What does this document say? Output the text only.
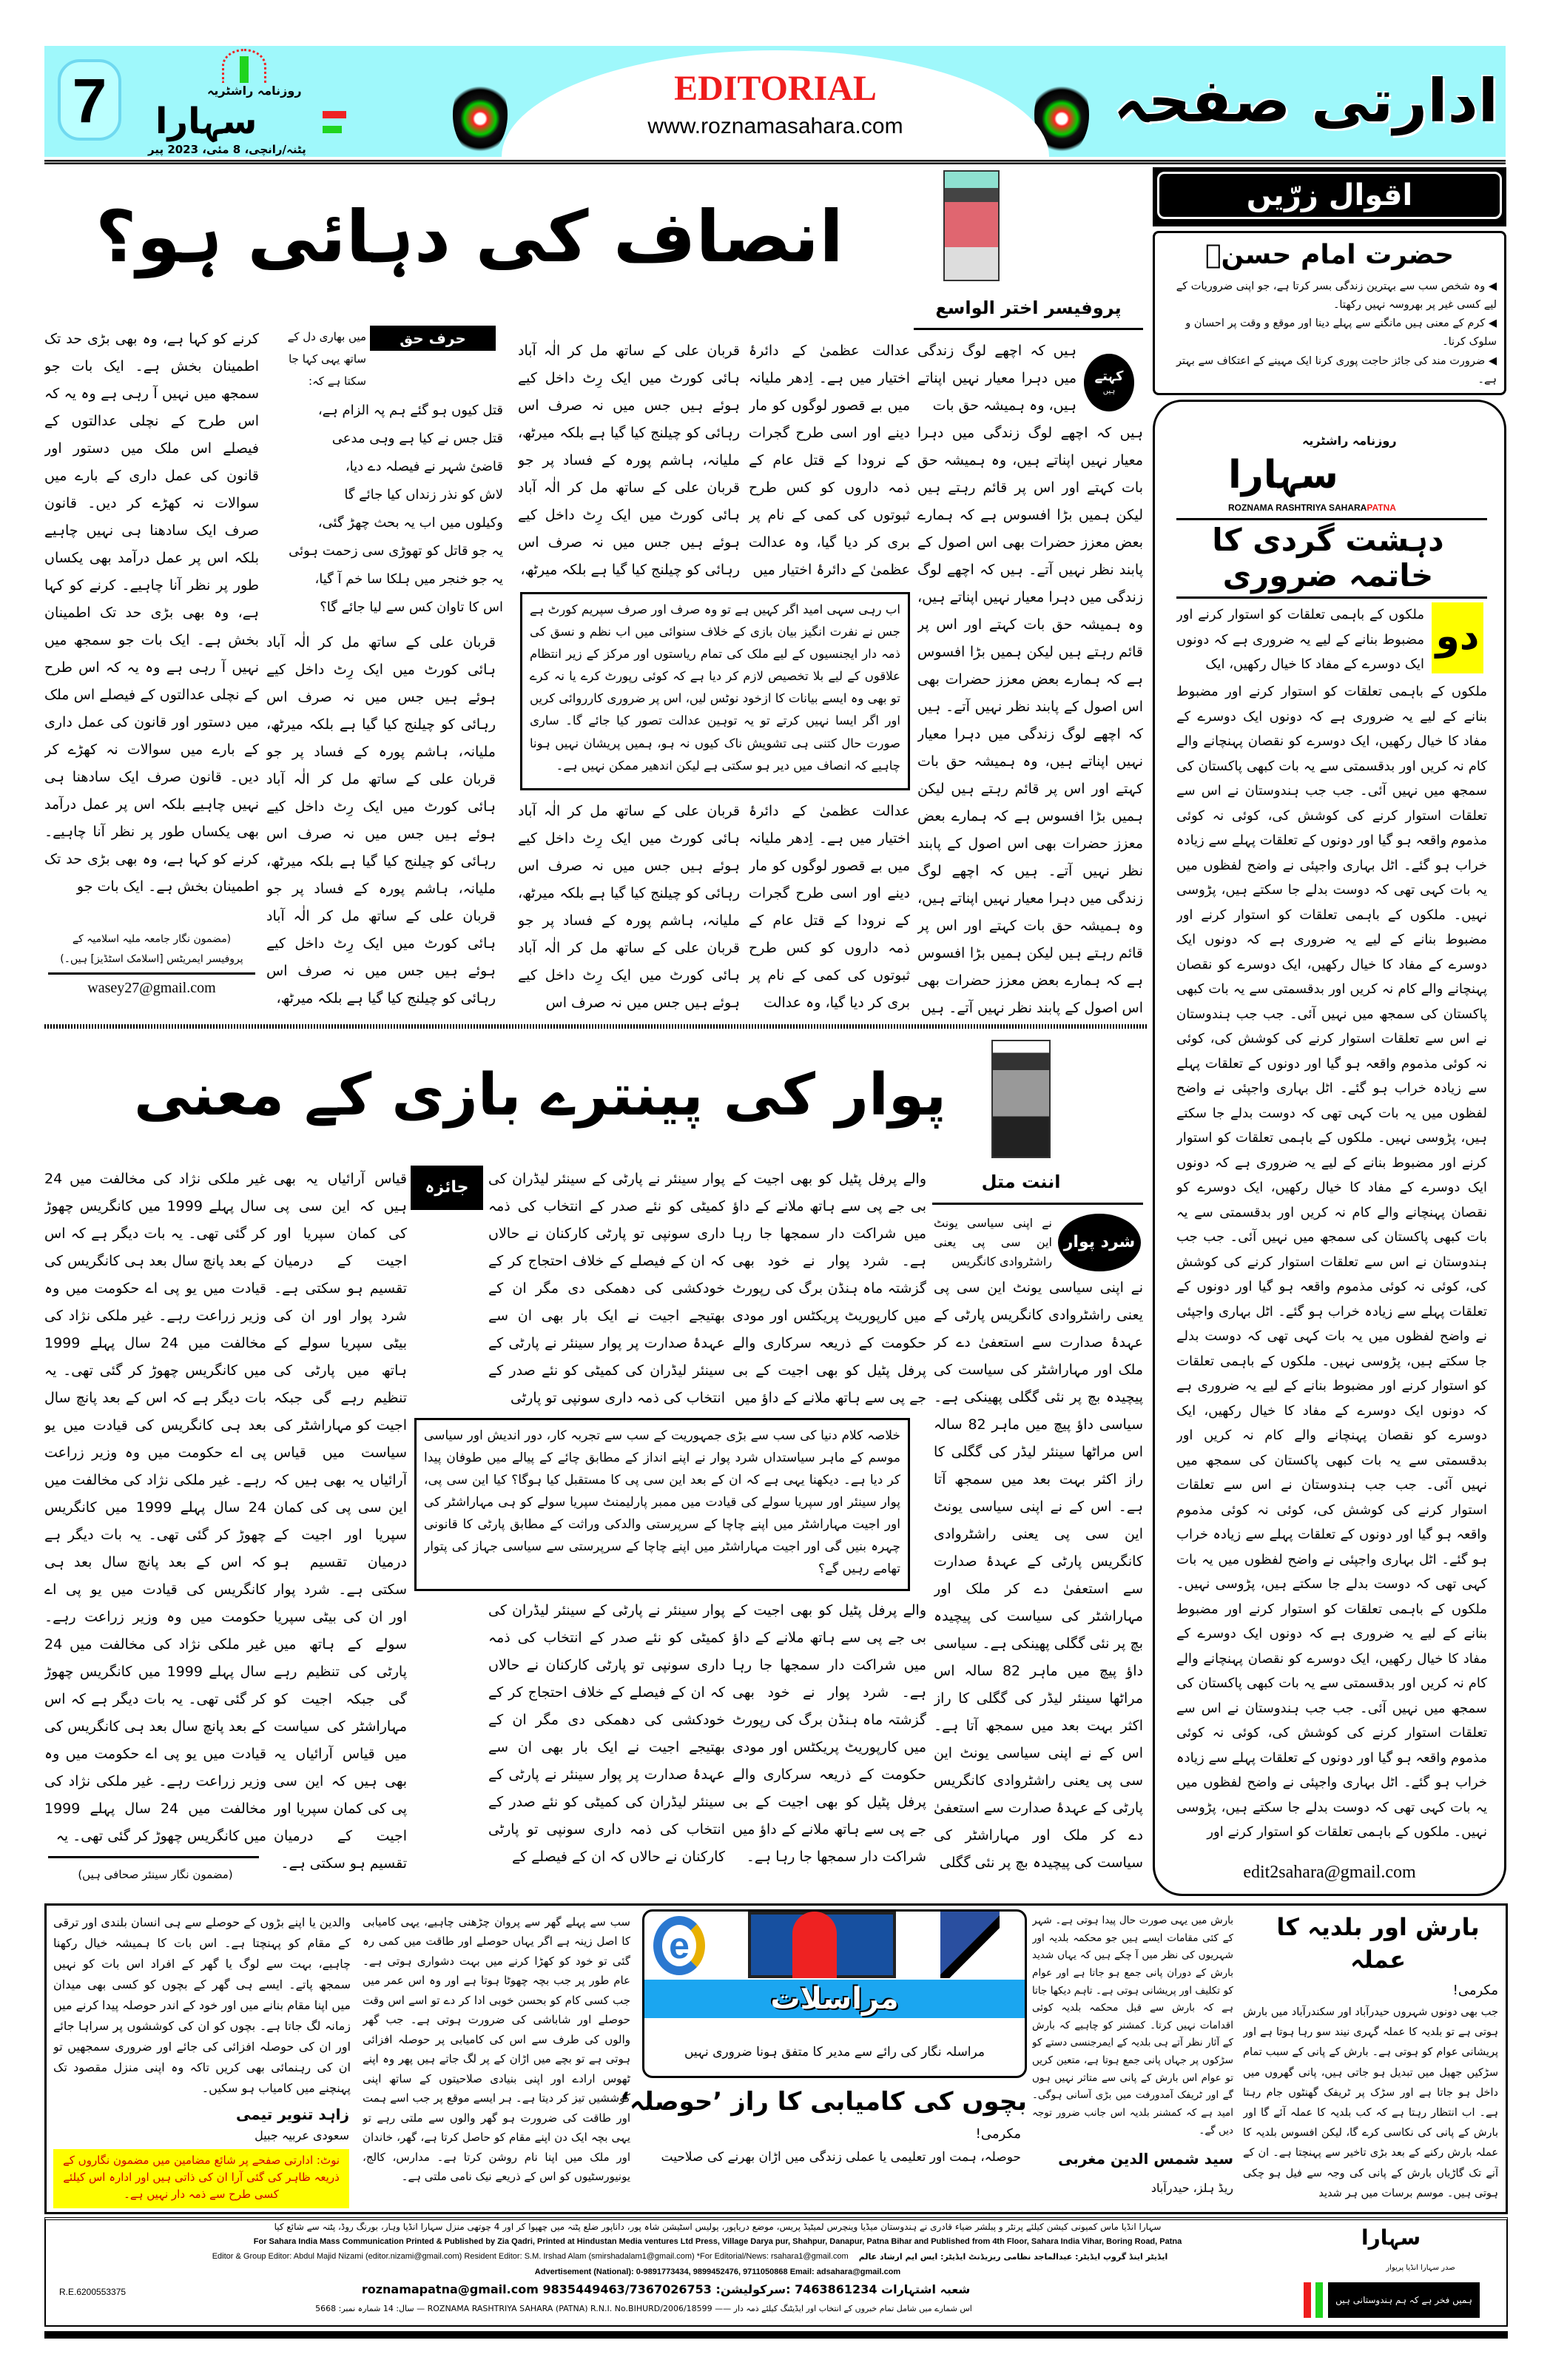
7	روزنامہ راشٹریہ
سہارا
پٹنہ/رانچی، 8 مئی، 2023 پیر
EDITORIAL
www.roznamasahara.com	ادارتی صفحہ
اقوال زرّیں
حضرت امام حسنؓ
◀ وہ شخص سب سے بہترین زندگی بسر کرتا ہے، جو اپنی ضروریات کے لیے کسی غیر پر بھروسہ نہیں رکھتا۔
◀ کرم کے معنی ہیں مانگنے سے پہلے دینا اور موقع و وقت پر احسان و سلوک کرنا۔
◀ ضرورت مند کی جائز حاجت پوری کرنا ایک مہینے کے اعتکاف سے بہتر ہے۔
روزنامہ راشٹریہ
سہارا
ROZNAMA RASHTRIYA SAHARAPATNA
دہشت گردی کا خاتمہ ضروری
دو
ملکوں کے باہمی تعلقات کو استوار کرنے اور مضبوط بنانے کے لیے یہ ضروری ہے کہ دونوں ایک دوسرے کے مفاد کا خیال رکھیں، ایک
ملکوں کے باہمی تعلقات کو استوار کرنے اور مضبوط بنانے کے لیے یہ ضروری ہے کہ دونوں ایک دوسرے کے مفاد کا خیال رکھیں، ایک دوسرے کو نقصان پہنچانے والے کام نہ کریں اور بدقسمتی سے یہ بات کبھی پاکستان کی سمجھ میں نہیں آئی۔ جب جب ہندوستان نے اس سے تعلقات استوار کرنے کی کوشش کی، کوئی نہ کوئی مذموم واقعہ ہو گیا اور دونوں کے تعلقات پہلے سے زیادہ خراب ہو گئے۔ اٹل بہاری واجپئی نے واضح لفظوں میں یہ بات کہی تھی کہ دوست بدلے جا سکتے ہیں، پڑوسی نہیں۔ ملکوں کے باہمی تعلقات کو استوار کرنے اور مضبوط بنانے کے لیے یہ ضروری ہے کہ دونوں ایک دوسرے کے مفاد کا خیال رکھیں، ایک دوسرے کو نقصان پہنچانے والے کام نہ کریں اور بدقسمتی سے یہ بات کبھی پاکستان کی سمجھ میں نہیں آئی۔ جب جب ہندوستان نے اس سے تعلقات استوار کرنے کی کوشش کی، کوئی نہ کوئی مذموم واقعہ ہو گیا اور دونوں کے تعلقات پہلے سے زیادہ خراب ہو گئے۔ اٹل بہاری واجپئی نے واضح لفظوں میں یہ بات کہی تھی کہ دوست بدلے جا سکتے ہیں، پڑوسی نہیں۔ ملکوں کے باہمی تعلقات کو استوار کرنے اور مضبوط بنانے کے لیے یہ ضروری ہے کہ دونوں ایک دوسرے کے مفاد کا خیال رکھیں، ایک دوسرے کو نقصان پہنچانے والے کام نہ کریں اور بدقسمتی سے یہ بات کبھی پاکستان کی سمجھ میں نہیں آئی۔ جب جب ہندوستان نے اس سے تعلقات استوار کرنے کی کوشش کی، کوئی نہ کوئی مذموم واقعہ ہو گیا اور دونوں کے تعلقات پہلے سے زیادہ خراب ہو گئے۔ اٹل بہاری واجپئی نے واضح لفظوں میں یہ بات کہی تھی کہ دوست بدلے جا سکتے ہیں، پڑوسی نہیں۔ ملکوں کے باہمی تعلقات کو استوار کرنے اور مضبوط بنانے کے لیے یہ ضروری ہے کہ دونوں ایک دوسرے کے مفاد کا خیال رکھیں، ایک دوسرے کو نقصان پہنچانے والے کام نہ کریں اور بدقسمتی سے یہ بات کبھی پاکستان کی سمجھ میں نہیں آئی۔ جب جب ہندوستان نے اس سے تعلقات استوار کرنے کی کوشش کی، کوئی نہ کوئی مذموم واقعہ ہو گیا اور دونوں کے تعلقات پہلے سے زیادہ خراب ہو گئے۔ اٹل بہاری واجپئی نے واضح لفظوں میں یہ بات کہی تھی کہ دوست بدلے جا سکتے ہیں، پڑوسی نہیں۔ ملکوں کے باہمی تعلقات کو استوار کرنے اور مضبوط بنانے کے لیے یہ ضروری ہے کہ دونوں ایک دوسرے کے مفاد کا خیال رکھیں، ایک دوسرے کو نقصان پہنچانے والے کام نہ کریں اور بدقسمتی سے یہ بات کبھی پاکستان کی سمجھ میں نہیں آئی۔ جب جب ہندوستان نے اس سے تعلقات استوار کرنے کی کوشش کی، کوئی نہ کوئی مذموم واقعہ ہو گیا اور دونوں کے تعلقات پہلے سے زیادہ خراب ہو گئے۔ اٹل بہاری واجپئی نے واضح لفظوں میں یہ بات کہی تھی کہ دوست بدلے جا سکتے ہیں، پڑوسی نہیں۔ ملکوں کے باہمی تعلقات کو استوار کرنے اور
edit2sahara@gmail.com
انصاف کی دہائی ہو؟
پروفیسر اختر الواسع
کہتے
ہیں
ہیں کہ اچھے لوگ زندگی میں دہرا معیار نہیں اپناتے ہیں، وہ ہمیشہ حق بات
ہیں کہ اچھے لوگ زندگی میں دہرا معیار نہیں اپناتے ہیں، وہ ہمیشہ حق بات کہتے اور اس پر قائم رہتے ہیں لیکن ہمیں بڑا افسوس ہے کہ ہمارے بعض معزز حضرات بھی اس اصول کے پابند نظر نہیں آتے۔ ہیں کہ اچھے لوگ زندگی میں دہرا معیار نہیں اپناتے ہیں، وہ ہمیشہ حق بات کہتے اور اس پر قائم رہتے ہیں لیکن ہمیں بڑا افسوس ہے کہ ہمارے بعض معزز حضرات بھی اس اصول کے پابند نظر نہیں آتے۔ ہیں کہ اچھے لوگ زندگی میں دہرا معیار نہیں اپناتے ہیں، وہ ہمیشہ حق بات کہتے اور اس پر قائم رہتے ہیں لیکن ہمیں بڑا افسوس ہے کہ ہمارے بعض معزز حضرات بھی اس اصول کے پابند نظر نہیں آتے۔ ہیں کہ اچھے لوگ زندگی میں دہرا معیار نہیں اپناتے ہیں، وہ ہمیشہ حق بات کہتے اور اس پر قائم رہتے ہیں لیکن ہمیں بڑا افسوس ہے کہ ہمارے بعض معزز حضرات بھی اس اصول کے پابند نظر نہیں آتے۔ ہیں
عدالت عظمیٰ کے دائرۂ اختیار میں ہے۔ اِدھر ملیانہ میں بے قصور لوگوں کو مار دینے اور اسی طرح گجرات کے نرودا کے قتل عام کے ذمہ داروں کو کس طرح ثبوتوں کی کمی کے نام پر بری کر دیا گیا، وہ عدالت عظمیٰ کے دائرۂ اختیار میں
عدالت عظمیٰ کے دائرۂ اختیار میں ہے۔ اِدھر ملیانہ میں بے قصور لوگوں کو مار دینے اور اسی طرح گجرات کے نرودا کے قتل عام کے ذمہ داروں کو کس طرح ثبوتوں کی کمی کے نام پر بری کر دیا گیا، وہ عدالت
اب رہی سہی امید اگر کہیں ہے تو وہ صرف اور صرف سپریم کورٹ ہے جس نے نفرت انگیز بیان بازی کے خلاف سنوائی میں اب نظم و نسق کی ذمہ دار ایجنسیوں کے لیے ملک کی تمام ریاستوں اور مرکز کے زیر انتظام علاقوں کے لیے بلا تخصیص لازم کر دیا ہے کہ کوئی رپورٹ کرے یا نہ کرے تو بھی وہ ایسے بیانات کا ازخود نوٹس لیں، اس پر ضروری کارروائی کریں اور اگر ایسا نہیں کرتے تو یہ توہین عدالت تصور کیا جائے گا۔ ساری صورت حال کتنی ہی تشویش ناک کیوں نہ ہو، ہمیں پریشان نہیں ہونا چاہیے کہ انصاف میں دیر ہو سکتی ہے لیکن اندھیر ممکن نہیں ہے۔
قربان علی کے ساتھ مل کر الٰہ آباد ہائی کورٹ میں ایک رِٹ داخل کیے ہوئے ہیں جس میں نہ صرف اس رہائی کو چیلنج کیا گیا ہے بلکہ میرٹھ، ملیانہ، ہاشم پورہ کے فساد پر جو قربان علی کے ساتھ مل کر الٰہ آباد ہائی کورٹ میں ایک رِٹ داخل کیے ہوئے ہیں جس میں نہ صرف اس رہائی کو چیلنج کیا گیا ہے بلکہ میرٹھ،
قربان علی کے ساتھ مل کر الٰہ آباد ہائی کورٹ میں ایک رِٹ داخل کیے ہوئے ہیں جس میں نہ صرف اس رہائی کو چیلنج کیا گیا ہے بلکہ میرٹھ، ملیانہ، ہاشم پورہ کے فساد پر جو قربان علی کے ساتھ مل کر الٰہ آباد ہائی کورٹ میں ایک رِٹ داخل کیے ہوئے ہیں جس میں نہ صرف اس
حرف حق
میں بھاری دل کے ساتھ یہی کہا جا سکتا ہے کہ:
قتل کیوں ہو گئے ہم پہ الزام ہے،
قتل جس نے کیا ہے وہی مدعی
قاضیٔ شہر نے فیصلہ دے دیا،
لاش کو نذر زنداں کیا جائے گا
وکیلوں میں اب یہ بحث چھڑ گئی،
یہ جو قاتل کو تھوڑی سی زحمت ہوئی
یہ جو خنجر میں ہلکا سا خم آ گیا،
اس کا تاوان کس سے لیا جائے گا؟
قربان علی کے ساتھ مل کر الٰہ آباد ہائی کورٹ میں ایک رِٹ داخل کیے ہوئے ہیں جس میں نہ صرف اس رہائی کو چیلنج کیا گیا ہے بلکہ میرٹھ، ملیانہ، ہاشم پورہ کے فساد پر جو قربان علی کے ساتھ مل کر الٰہ آباد ہائی کورٹ میں ایک رِٹ داخل کیے ہوئے ہیں جس میں نہ صرف اس رہائی کو چیلنج کیا گیا ہے بلکہ میرٹھ، ملیانہ، ہاشم پورہ کے فساد پر جو قربان علی کے ساتھ مل کر الٰہ آباد ہائی کورٹ میں ایک رِٹ داخل کیے ہوئے ہیں جس میں نہ صرف اس رہائی کو چیلنج کیا گیا ہے بلکہ میرٹھ،
کرنے کو کہا ہے، وہ بھی بڑی حد تک اطمینان بخش ہے۔ ایک بات جو سمجھ میں نہیں آ رہی ہے وہ یہ کہ اس طرح کے نچلی عدالتوں کے فیصلے اس ملک میں دستور اور قانون کی عمل داری کے بارے میں سوالات نہ کھڑے کر دیں۔ قانون صرف ایک سادھنا ہی نہیں چاہیے بلکہ اس پر عمل درآمد بھی یکساں طور پر نظر آنا چاہیے۔ کرنے کو کہا ہے، وہ بھی بڑی حد تک اطمینان بخش ہے۔ ایک بات جو سمجھ میں نہیں آ رہی ہے وہ یہ کہ اس طرح کے نچلی عدالتوں کے فیصلے اس ملک میں دستور اور قانون کی عمل داری کے بارے میں سوالات نہ کھڑے کر دیں۔ قانون صرف ایک سادھنا ہی نہیں چاہیے بلکہ اس پر عمل درآمد بھی یکساں طور پر نظر آنا چاہیے۔ کرنے کو کہا ہے، وہ بھی بڑی حد تک اطمینان بخش ہے۔ ایک بات جو
(مضمون نگار جامعہ ملیہ اسلامیہ کے
پروفیسر ایمریٹس [اسلامک اسٹڈیز] ہیں۔)
wasey27@gmail.com
پوار کی پینترے بازی کے معنی
اننت متل
شرد پوار
نے اپنی سیاسی یونٹ این سی پی یعنی راشٹروادی کانگریس
نے اپنی سیاسی یونٹ این سی پی یعنی راشٹروادی کانگریس پارٹی کے عہدۂ صدارت سے استعفیٰ دے کر ملک اور مہاراشٹر کی سیاست کی پیچیدہ بچ پر نئی گگلی پھینکی ہے۔ سیاسی داؤ پیچ میں ماہر 82 سالہ اس مراٹھا سینئر لیڈر کی گگلی کا راز اکثر بہت بعد میں سمجھ آتا ہے۔ اس کے نے اپنی سیاسی یونٹ این سی پی یعنی راشٹروادی کانگریس پارٹی کے عہدۂ صدارت سے استعفیٰ دے کر ملک اور مہاراشٹر کی سیاست کی پیچیدہ بچ پر نئی گگلی پھینکی ہے۔ سیاسی داؤ پیچ میں ماہر 82 سالہ اس مراٹھا سینئر لیڈر کی گگلی کا راز اکثر بہت بعد میں سمجھ آتا ہے۔ اس کے نے اپنی سیاسی یونٹ این سی پی یعنی راشٹروادی کانگریس پارٹی کے عہدۂ صدارت سے استعفیٰ دے کر ملک اور مہاراشٹر کی سیاست کی پیچیدہ بچ پر نئی گگلی
والے پرفل پٹیل کو بھی اجیت کے بی جے پی سے ہاتھ ملانے کے داؤ میں شراکت دار سمجھا جا رہا ہے۔ شرد پوار نے خود بھی گزشتہ ماہ ہنڈن برگ کی رپورٹ میں کارپوریٹ پریکٹس اور مودی حکومت کے ذریعہ سرکاری والے پرفل پٹیل کو بھی اجیت کے بی جے پی سے ہاتھ ملانے کے داؤ میں
والے پرفل پٹیل کو بھی اجیت کے بی جے پی سے ہاتھ ملانے کے داؤ میں شراکت دار سمجھا جا رہا ہے۔ شرد پوار نے خود بھی گزشتہ ماہ ہنڈن برگ کی رپورٹ میں کارپوریٹ پریکٹس اور مودی حکومت کے ذریعہ سرکاری والے پرفل پٹیل کو بھی اجیت کے بی جے پی سے ہاتھ ملانے کے داؤ میں شراکت دار سمجھا جا رہا ہے۔
خلاصہ کلام دنیا کی سب سے بڑی جمہوریت کے سب سے تجربہ کار، دور اندیش اور سیاسی موسم کے ماہر سیاستداں شرد پوار نے اپنے انداز کے مطابق چائے کے پیالے میں طوفان پیدا کر دیا ہے۔ دیکھنا یہی ہے کہ ان کے بعد این سی پی کا مستقبل کیا ہوگا؟ کیا این سی پی، پوار سینئر اور سپریا سولے کی قیادت میں ممبر پارلیمنٹ سپریا سولے کو ہی مہاراشٹر کی اور اجیت مہاراشٹر میں اپنے چاچا کے سرپرستی والدکی وراثت کے مطابق پارٹی کا قانونی چہرہ بنیں گی اور اجیت مہاراشٹر میں اپنے چاچا کے سرپرستی سے سیاسی جہاز کی پتوار تھامے رہیں گے؟
پوار سینئر نے پارٹی کے سینئر لیڈران کی کمیٹی کو نئے صدر کے انتخاب کی ذمہ داری سونپی تو پارٹی کارکنان نے حالاں کہ ان کے فیصلے کے خلاف احتجاج کر کے خودکشی کی دھمکی دی مگر ان کے بھتیجے اجیت نے ایک بار بھی ان سے عہدۂ صدارت پر پوار سینئر نے پارٹی کے سینئر لیڈران کی کمیٹی کو نئے صدر کے انتخاب کی ذمہ داری سونپی تو پارٹی
پوار سینئر نے پارٹی کے سینئر لیڈران کی کمیٹی کو نئے صدر کے انتخاب کی ذمہ داری سونپی تو پارٹی کارکنان نے حالاں کہ ان کے فیصلے کے خلاف احتجاج کر کے خودکشی کی دھمکی دی مگر ان کے بھتیجے اجیت نے ایک بار بھی ان سے عہدۂ صدارت پر پوار سینئر نے پارٹی کے سینئر لیڈران کی کمیٹی کو نئے صدر کے انتخاب کی ذمہ داری سونپی تو پارٹی کارکنان نے حالاں کہ ان کے فیصلے کے
جائزہ
قیاس آرائیاں یہ بھی ہیں کہ این سی پی کی کمان سپریا اور اجیت کے درمیان تقسیم ہو سکتی ہے۔ شرد پوار اور ان کی بیٹی سپریا سولے کے ہاتھ میں پارٹی کی تنظیم رہے گی جبکہ اجیت کو مہاراشٹر کی سیاست میں قیاس آرائیاں یہ بھی ہیں کہ این سی پی کی کمان سپریا اور اجیت کے درمیان تقسیم ہو سکتی ہے۔ شرد پوار اور ان کی بیٹی سپریا سولے کے ہاتھ میں پارٹی کی تنظیم رہے گی جبکہ اجیت کو مہاراشٹر کی سیاست میں قیاس آرائیاں یہ بھی ہیں کہ این سی پی کی کمان سپریا اور اجیت کے درمیان تقسیم ہو سکتی ہے۔
غیر ملکی نژاد کی مخالفت میں 24 سال پہلے 1999 میں کانگریس چھوڑ کر گئی تھی۔ یہ بات دیگر ہے کہ اس کے بعد پانچ سال بعد ہی کانگریس کی قیادت میں یو پی اے حکومت میں وہ وزیر زراعت رہے۔ غیر ملکی نژاد کی مخالفت میں 24 سال پہلے 1999 میں کانگریس چھوڑ کر گئی تھی۔ یہ بات دیگر ہے کہ اس کے بعد پانچ سال بعد ہی کانگریس کی قیادت میں یو پی اے حکومت میں وہ وزیر زراعت رہے۔ غیر ملکی نژاد کی مخالفت میں 24 سال پہلے 1999 میں کانگریس چھوڑ کر گئی تھی۔ یہ بات دیگر ہے کہ اس کے بعد پانچ سال بعد ہی کانگریس کی قیادت میں یو پی اے حکومت میں وہ وزیر زراعت رہے۔ غیر ملکی نژاد کی مخالفت میں 24 سال پہلے 1999 میں کانگریس چھوڑ کر گئی تھی۔ یہ بات دیگر ہے کہ اس کے بعد پانچ سال بعد ہی کانگریس کی قیادت میں یو پی اے حکومت میں وہ وزیر زراعت رہے۔ غیر ملکی نژاد کی مخالفت میں 24 سال پہلے 1999 میں کانگریس چھوڑ کر گئی تھی۔ یہ
(مضمون نگار سینئر صحافی ہیں)
e
مراسلات
مراسلہ نگار کی رائے سے مدیر کا متفق ہونا ضروری نہیں
بچوں کی کامیابی کا راز ’حوصلہ‘
مکرمی!
حوصلہ، ہمت اور تعلیمی یا عملی زندگی میں اڑان بھرنے کی صلاحیت
سب سے پہلے گھر سے پروان چڑھنی چاہیے، یہی کامیابی کا اصل زینہ ہے اگر یہاں حوصلے اور طاقت میں کمی رہ گئی تو خود کو کھڑا کرنے میں بہت دشواری ہوتی ہے۔ عام طور پر جب بچہ چھوٹا ہوتا ہے اور وہ اس عمر میں جب کسی کام کو بحسن خوبی ادا کر دے تو اسے اس وقت حوصلے اور شاباشی کی ضرورت ہوتی ہے۔ جب گھر والوں کی طرف سے اس کی کامیابی پر حوصلہ افزائی ہوتی ہے تو بچے میں اڑان کے پر لگ جاتے ہیں پھر وہ اپنے ٹھوس ارادے اور اپنی بنیادی صلاحیتوں کے ساتھ اپنی کوششیں تیز کر دیتا ہے۔ ہر ایسے موقع پر جب اسے ہمت اور طاقت کی ضرورت ہو گھر والوں سے ملتی رہے تو یہی بچہ ایک دن اپنے مقام کو حاصل کرتا ہے، گھر، خاندان اور ملک میں اپنا نام روشن کرتا ہے۔ مدارس، کالج، یونیورسٹیوں کو اس کے ذریعے نیک نامی ملتی ہے۔
والدین یا اپنے بڑوں کے حوصلے سے ہی انسان بلندی اور ترقی کے مقام کو پہنچتا ہے۔ اس بات کا ہمیشہ خیال رکھنا چاہیے، بہت سے لوگ یا گھر کے افراد اس بات کو نہیں سمجھ پاتے۔ ایسے ہی گھر کے بچوں کو کسی بھی میدان میں اپنا مقام بنانے میں اور خود کے اندر حوصلہ پیدا کرنے میں زمانہ لگ جاتا ہے۔ بچوں کو ان کی کوششوں پر سراہا جائے اور ان کی حوصلہ افزائی کی جائے اور ضروری سمجھیں تو ان کی رہنمائی بھی کریں تاکہ وہ اپنی منزل مقصود تک پہنچنے میں کامیاب ہو سکیں۔
زاہد تنویر تیمی
سعودی عربیہ جبیل
نوٹ: ادارتی صفحے پر شائع مضامین میں مضمون نگاروں کے ذریعہ ظاہر کی گئی آرا ان کی ذاتی ہیں اور ادارہ اس کیلئے کسی طرح سے ذمہ دار نہیں ہے۔
بارش اور بلدیہ کا عملہ
مکرمی!
جب بھی دونوں شہروں حیدرآباد اور سکندرآباد میں بارش ہوتی ہے تو بلدیہ کا عملہ گہری نیند سو رہا ہوتا ہے اور پریشانی عوام کو ہوتی ہے۔ بارش کے پانی کے سبب تمام سڑکیں جھیل میں تبدیل ہو جاتی ہیں، پانی گھروں میں داخل ہو جاتا ہے اور سڑک پر ٹریفک گھنٹوں جام رہتا ہے۔ اب انتظار رہتا ہے کہ کب بلدیہ کا عملہ آئے گا اور بارش کے پانی کی نکاسی کرے گا، لیکن افسوس بلدیہ کا عملہ بارش رکنے کے بعد بڑی تاخیر سے پہنچتا ہے۔ ان کے آنے تک گاڑیاں بارش کے پانی کی وجہ سے فیل ہو چکی ہوتی ہیں۔ موسم برسات میں ہر شدید
بارش میں یہی صورت حال پیدا ہوتی ہے۔ شہر کے کئی مقامات ایسے ہیں جو محکمہ بلدیہ اور شہریوں کی نظر میں آ چکے ہیں کہ یہاں شدید بارش کے دوران پانی جمع ہو جاتا ہے اور عوام کو تکلیف اور پریشانی ہوتی ہے۔ تاہم دیکھا جاتا ہے کہ بارش سے قبل محکمہ بلدیہ کوئی اقدامات نہیں کرتا۔ کمشنر کو چاہیے کہ بارش کے آثار نظر آتے ہی بلدیہ کے ایمرجنسی دستے کو سڑکوں پر جہاں پانی جمع ہوتا ہے، متعین کریں تو عوام اس بارش کے پانی سے متاثر نہیں ہوں گے اور ٹریفک آمدورفت میں بڑی آسانی ہوگی۔ امید ہے کہ کمشنر بلدیہ اس جانب ضرور توجہ دیں گے۔
سید شمس الدین مغربی
ریڈ ہلز، حیدرآباد
سہارا انڈیا ماس کمیونی کیشن کیلئے پرنٹر و پبلشر ضیاء قادری نے ہندوستان میڈیا وینچرس لمیٹیڈ پریس، موضع دریاپور، پولیس اسٹیشن شاہ پور، داناپور ضلع پٹنہ میں چھپوا کر اور 4 چوتھی منزل سہارا انڈیا وہار، بورنگ روڈ، پٹنہ سے شائع کیا
For Sahara India Mass Communication Printed & Published by Zia Qadri, Printed at Hindustan Media ventures Ltd Press, Village Darya pur, Shahpur, Danapur, Patna Bihar and Published from 4th Floor, Sahara India Vihar, Boring Road, Patna
Editor & Group Editor: Abdul Majid Nizami (editor.nizami@gmail.com) Resident Editor: S.M. Irshad Alam (smirshadalam1@gmail.com) *For Editorial/News: rsahara1@gmail.com ایڈیٹر اینڈ گروپ ایڈیٹر: عبدالماجد نظامی ریزیڈنٹ ایڈیٹر: ایس ایم ارشاد عالم
Advertisement (National): 0-9891773434, 9899452476, 9711050868 Email: adsahara@gmail.com
R.E.6200553375	roznamapatna@gmail.com 9835449463/7367026753 :شعبہ اشتہارات 7463861234 :سرکولیشن
سال: 14 شمارہ نمبر: 5668 — ROZNAMA RASHTRIYA SAHARA (PATNA) R.N.I. No.BIHURD/2006/18599 —— اس شمارے میں شامل تمام خبروں کے انتخاب اور ایڈیٹنگ کیلئے ذمہ دار
سہارا
صدر سہارا انڈیا پریوار
ہمیں فخر ہے کہ ہم ہندوستانی ہیں
